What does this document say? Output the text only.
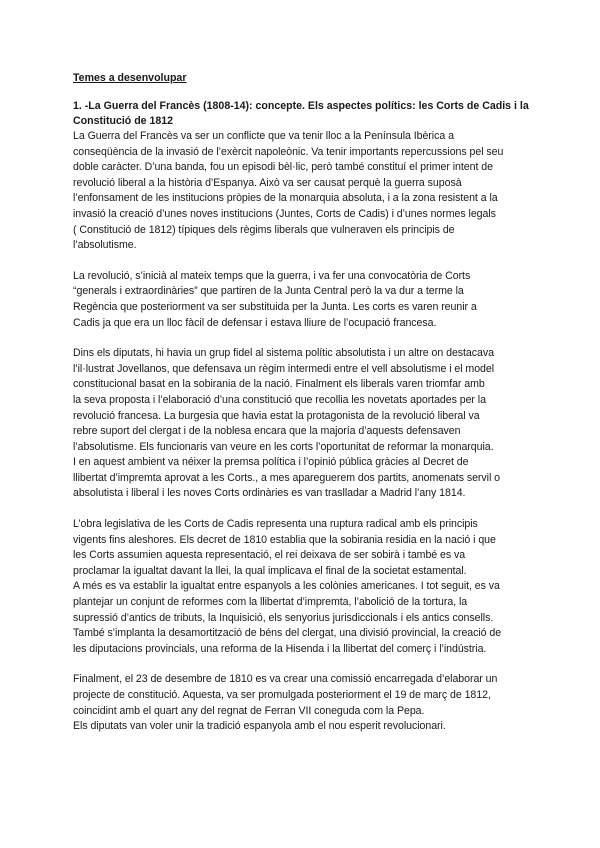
Temes a desenvolupar
1. -La Guerra del Francès (1808-14): concepte. Els aspectes polítics: les Corts de Cadis i la
Constitució de 1812

La Guerra del Francès va ser un conflicte que va tenir lloc a la Península Ibèrica a
conseqüència de la invasió de l’exèrcit napoleònic. Va tenir importants repercussions pel seu
doble caràcter. D’una banda, fou un episodi bèl·lic, però també constituí el primer intent de
revolució liberal a la història d’Espanya. Això va ser causat perquè la guerra suposà
l’enfonsament de les institucions pròpies de la monarquia absoluta, i a la zona resistent a la
invasió la creació d’unes noves institucions (Juntes, Corts de Cadis) i d’unes normes legals
( Constitució de 1812) típiques dels règims liberals que vulneraven els principis de
l’absolutisme.

La revolució, s’inicià al mateix temps que la guerra, i va fer una convocatòria de Corts
“generals i extraordinàries” que partiren de la Junta Central però la va dur a terme la
Regència que posteriorment va ser substituida per la Junta. Les corts es varen reunir a
Cadis ja que era un lloc fàcil de defensar i estava lliure de l’ocupació francesa.

Dins els diputats, hi havia un grup fidel al sistema polític absolutista i un altre on destacava
l’il·lustrat Jovellanos, que defensava un règim intermedi entre el vell absolutisme i el model
constitucional basat en la sobirania de la nació. Finalment els liberals varen triomfar amb
la seva proposta i l’elaboració d’una constitució que recollia les novetats aportades per la
revolució francesa. La burgesia que havia estat la protagonista de la revolució liberal va
rebre suport del clergat i de la noblesa encara que la majoría d’aquests defensaven
l’absolutisme. Els funcionaris van veure en les corts l’oportunitat de reformar la monarquia.
I en aquest ambient va néixer la premsa política i l’opinió pública gràcies al Decret de
llibertat d’impremta aprovat a les Corts., a mes apareguerem dos partits, anomenats servil o
absolutista i liberal i les noves Corts ordinàries es van traslladar a Madrid l’any 1814.

L’obra legislativa de les Corts de Cadis representa una ruptura radical amb els principis
vigents fins aleshores. Els decret de 1810 establia que la sobirania residia en la nació i que
les Corts assumien aquesta representació, el rei deixava de ser sobirà i també es va
proclamar la igualtat davant la llei, la qual implicava el final de la societat estamental.
A més es va establir la igualtat entre espanyols a les colònies americanes. I tot seguit, es va
plantejar un conjunt de reformes com la llibertat d’impremta, l’abolició de la tortura, la
supressió d’antics de tributs, la Inquisició, els senyorius jurisdiccionals i els antics consells.
També s’implanta la desamortització de béns del clergat, una divisió provincial, la creació de
les diputacions provincials, una reforma de la Hisenda i la llibertat del comerç i l’indústria.

Finalment, el 23 de desembre de 1810 es va crear una comissió encarregada d’elaborar un
projecte de constitució. Aquesta, va ser promulgada posteriorment el 19 de març de 1812,
coincidint amb el quart any del regnat de Ferran VII coneguda com la Pepa.
Els diputats van voler unir la tradició espanyola amb el nou esperit revolucionari.
